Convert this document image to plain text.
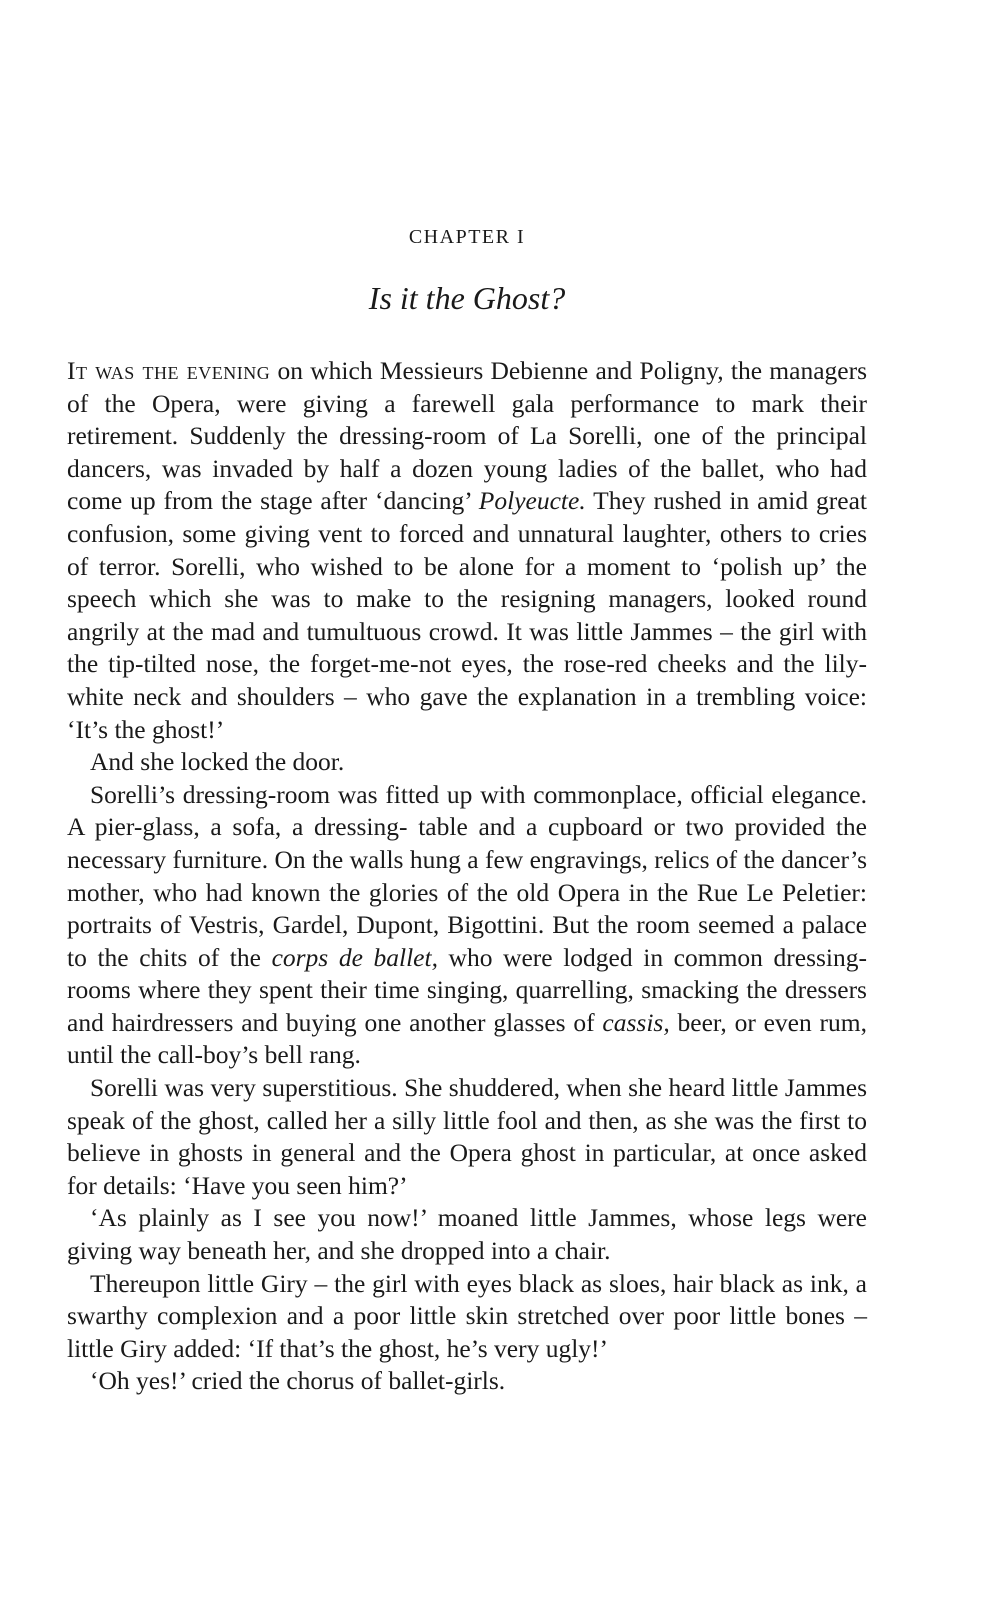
CHAPTER I
Is it the Ghost?

It was the evening on which Messieurs Debienne and Poligny, the managers of the Opera, were giving a farewell gala performance to mark their retirement. Suddenly the dressing-room of La Sorelli, one of the principal dancers, was invaded by half a dozen young ladies of the ballet, who had come up from the stage after ‘dancing’ Polyeucte. They rushed in amid great confusion, some giving vent to forced and unnatural laughter, others to cries of terror. Sorelli, who wished to be alone for a moment to ‘polish up’ the speech which she was to make to the resigning managers, looked round angrily at the mad and tumultuous crowd. It was little Jammes – the girl with the tip-tilted nose, the forget-me-not eyes, the rose-red cheeks and the lily-white neck and shoulders – who gave the explanation in a trembling voice: ‘It’s the ghost!’

And she locked the door.

Sorelli’s dressing-room was fitted up with commonplace, official elegance. A pier-glass, a sofa, a dressing- table and a cupboard or two provided the necessary furniture. On the walls hung a few engravings, relics of the dancer’s mother, who had known the glories of the old Opera in the Rue Le Peletier: portraits of Vestris, Gardel, Dupont, Bigottini. But the room seemed a palace to the chits of the corps de ballet, who were lodged in common dressing-rooms where they spent their time singing, quarrelling, smacking the dressers and hairdressers and buying one another glasses of cassis, beer, or even rum, until the call-boy’s bell rang.

Sorelli was very superstitious. She shuddered, when she heard little Jammes speak of the ghost, called her a silly little fool and then, as she was the first to believe in ghosts in general and the Opera ghost in particular, at once asked for details: ‘Have you seen him?’

‘As plainly as I see you now!’ moaned little Jammes, whose legs were giving way beneath her, and she dropped into a chair.

Thereupon little Giry – the girl with eyes black as sloes, hair black as ink, a swarthy complexion and a poor little skin stretched over poor little bones – little Giry added: ‘If that’s the ghost, he’s very ugly!’

‘Oh yes!’ cried the chorus of ballet-girls.
